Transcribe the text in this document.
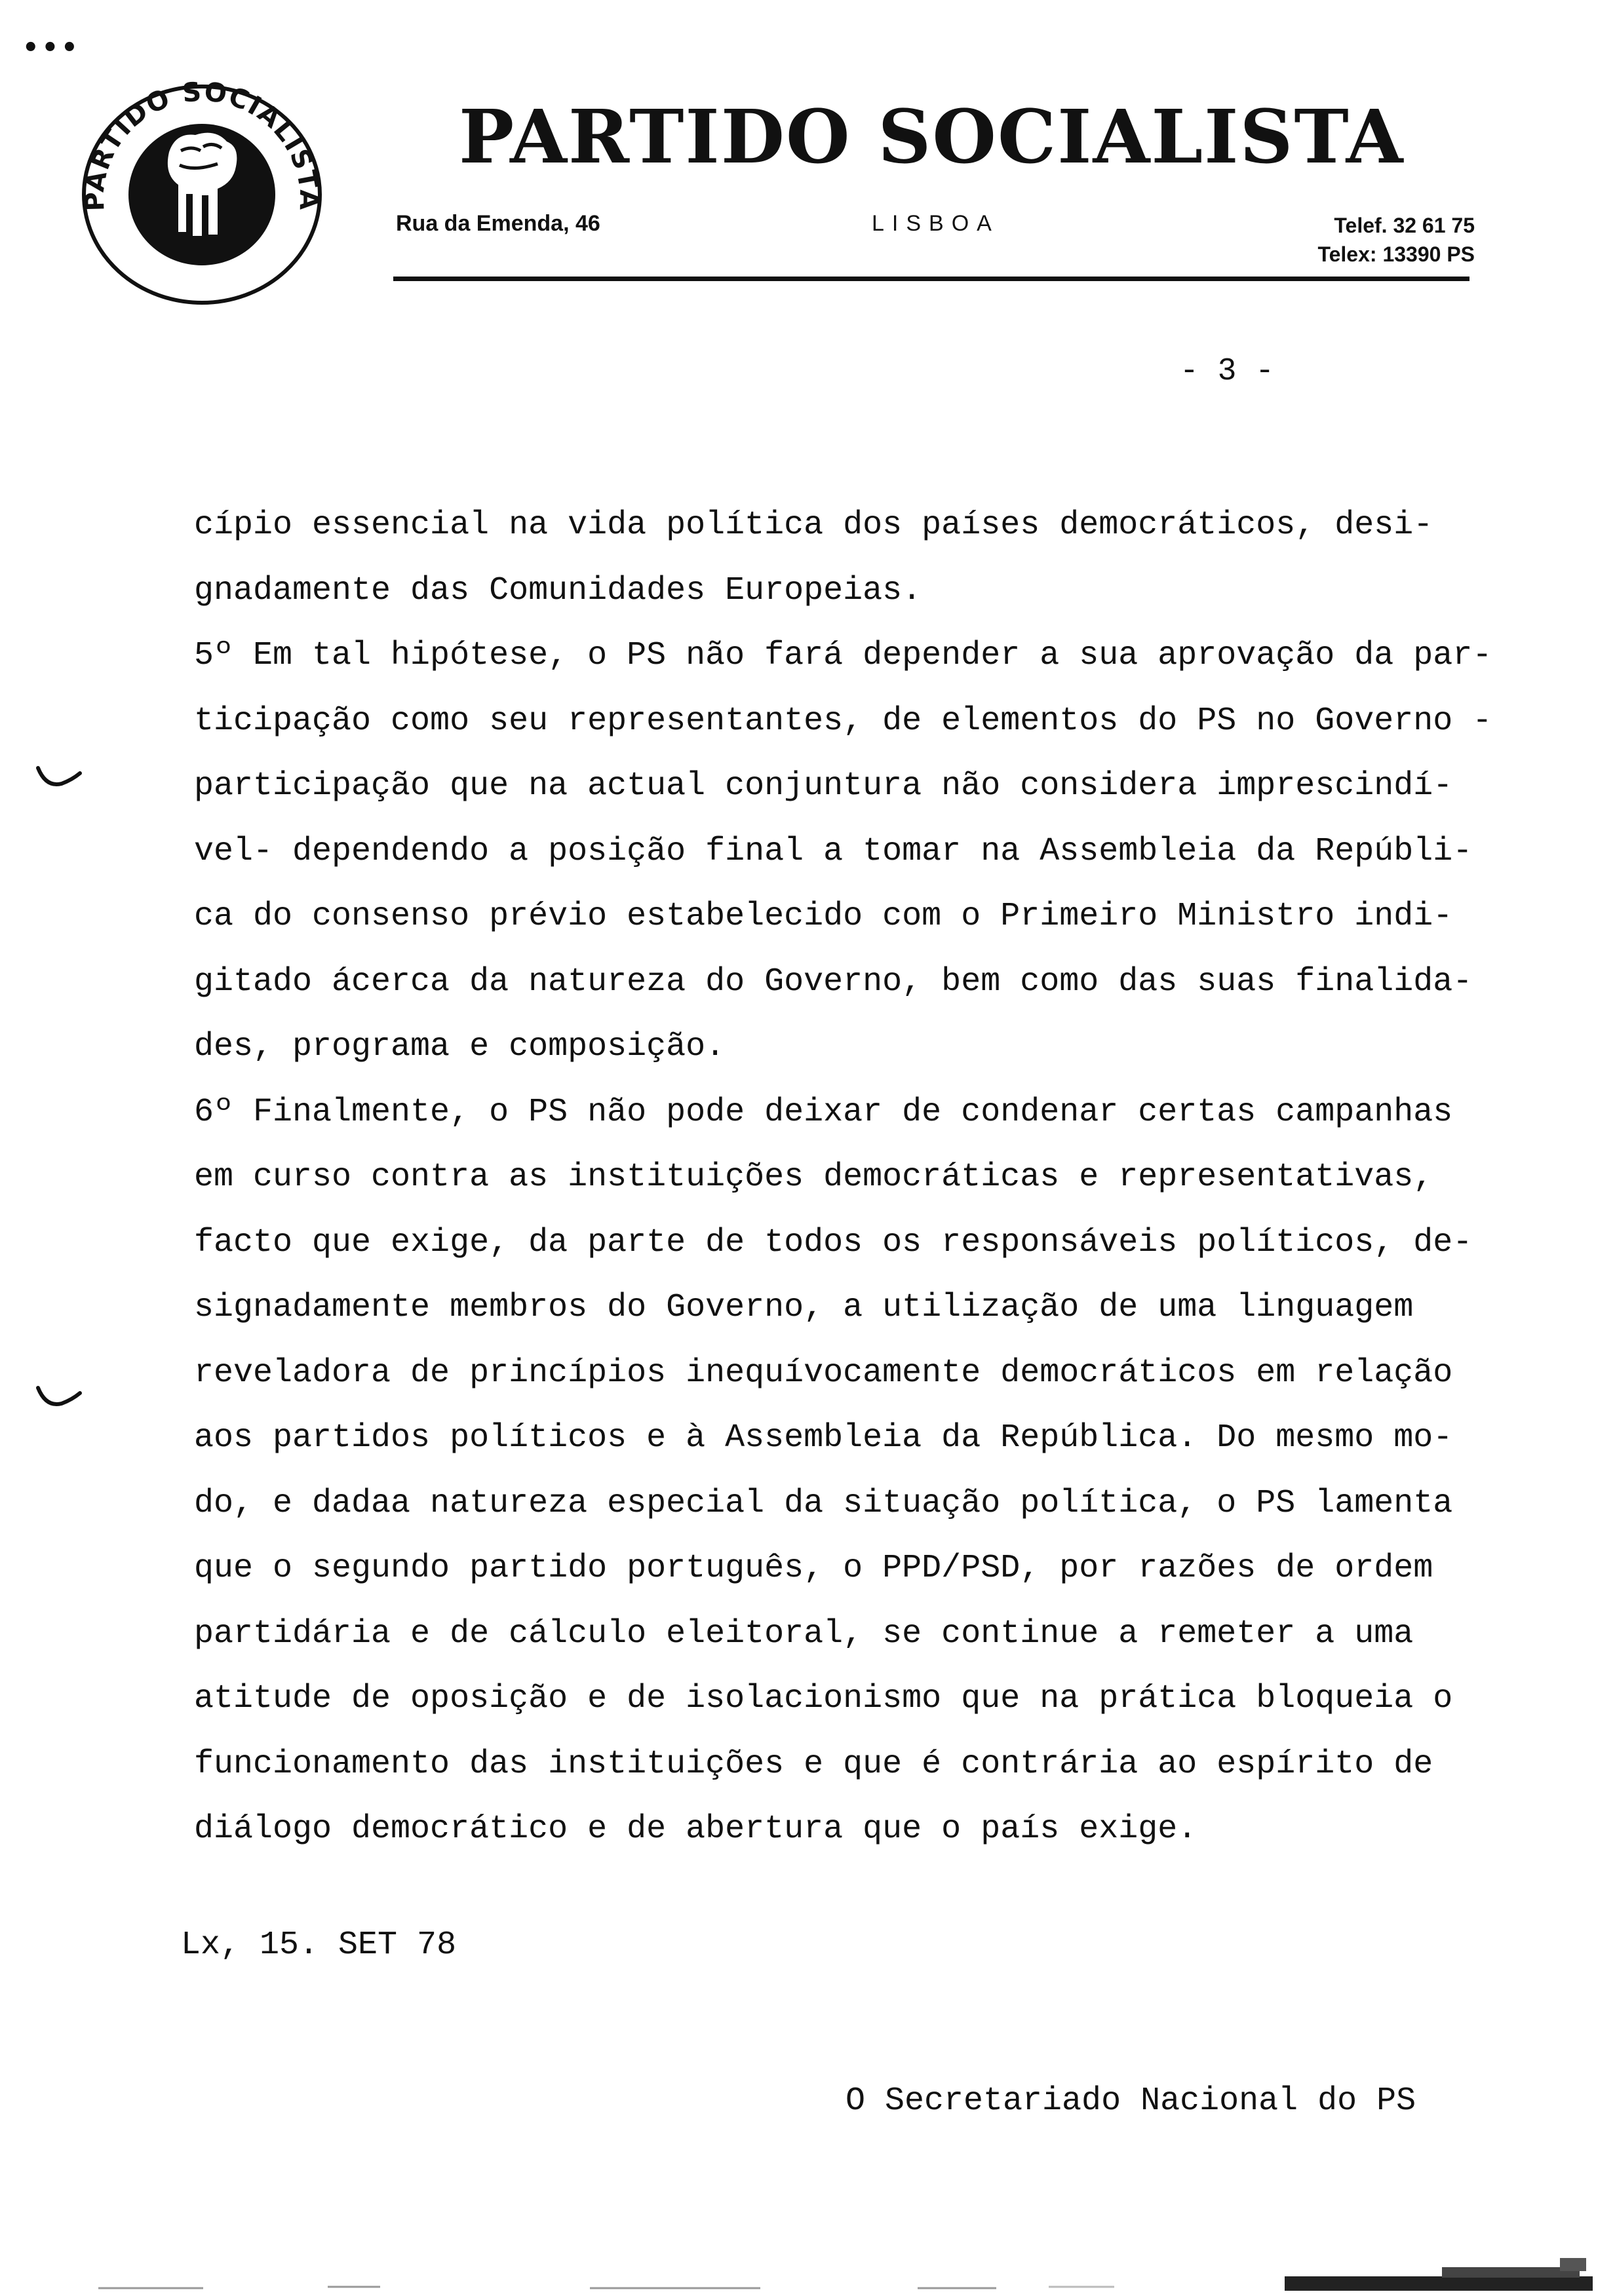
•••
PARTIDO SOCIALISTA
PARTIDO SOCIALISTA
Rua da Emenda, 46	LISBOA	Telef. 32 61 75
Telex: 13390 PS
- 3 -
cípio essencial na vida política dos países democráticos, desi-
gnadamente das Comunidades Europeias.
5º Em tal hipótese, o PS não fará depender a sua aprovação da par-
ticipação como seu representantes, de elementos do PS no Governo -
participação que na actual conjuntura não considera imprescindí-
vel- dependendo a posição final a tomar na Assembleia da Repúbli-
ca do consenso prévio estabelecido com o Primeiro Ministro indi-
gitado ácerca da natureza do Governo, bem como das suas finalida-
des, programa e composição.
6º Finalmente, o PS não pode deixar de condenar certas campanhas
em curso contra as instituições democráticas e representativas,
facto que exige, da parte de todos os responsáveis políticos, de-
signadamente membros do Governo, a utilização de uma linguagem
reveladora de princípios inequívocamente democráticos em relação
aos partidos políticos e à Assembleia da República. Do mesmo mo-
do, e dadaa natureza especial da situação política, o PS lamenta
que o segundo partido português, o PPD/PSD, por razões de ordem
partidária e de cálculo eleitoral, se continue a remeter a uma
atitude de oposição e de isolacionismo que na prática bloqueia o
funcionamento das instituições e que é contrária ao espírito de
diálogo democrático e de abertura que o país exige.
Lx, 15. SET 78
O Secretariado Nacional do PS
